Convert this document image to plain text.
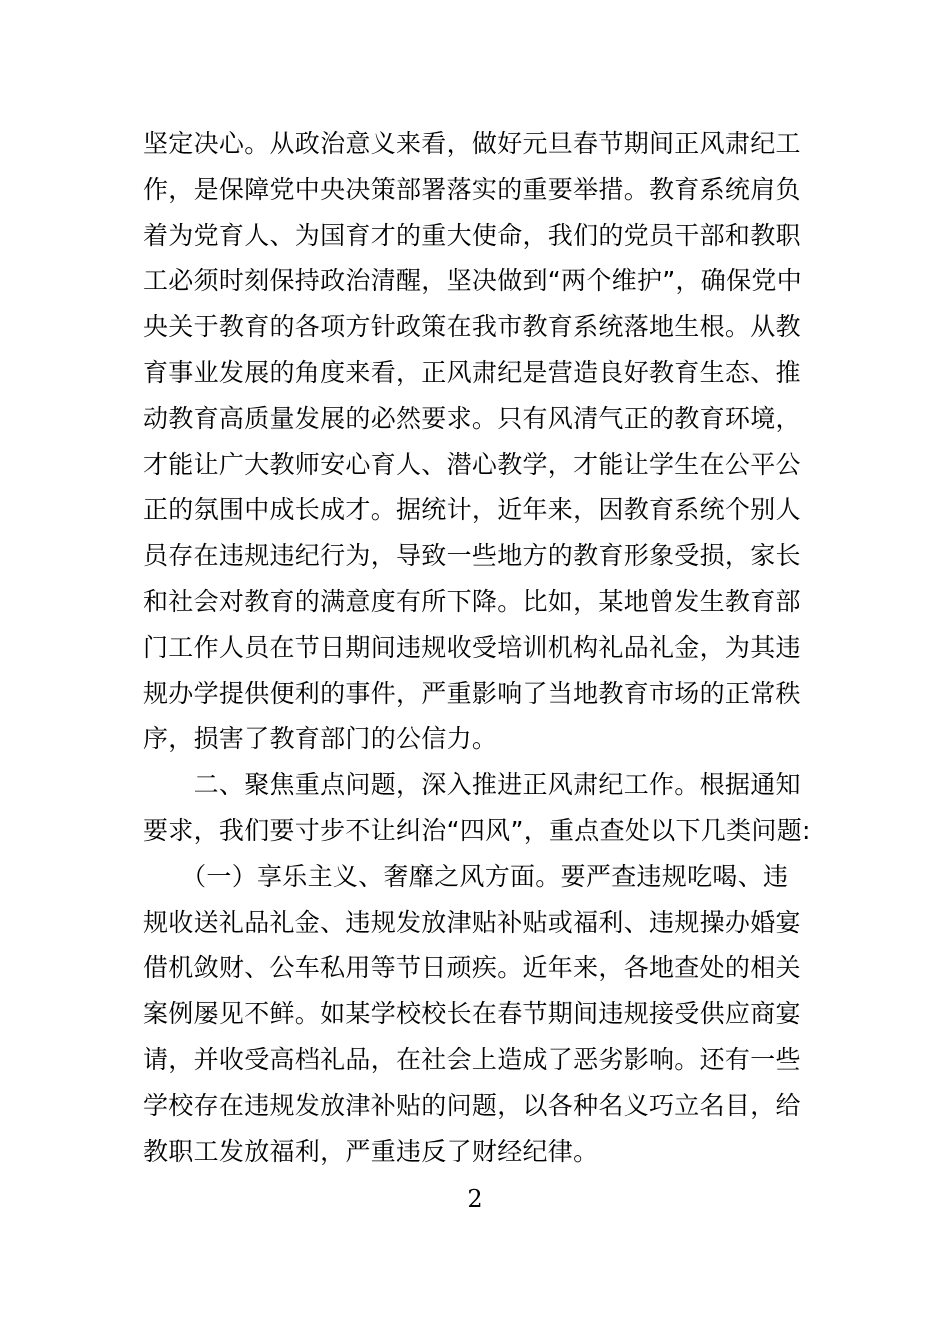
坚定决心。从政治意义来看，做好元旦春节期间正风肃纪工
作，是保障党中央决策部署落实的重要举措。教育系统肩负
着为党育人、为国育才的重大使命，我们的党员干部和教职
工必须时刻保持政治清醒，坚决做到“两个维护”，确保党中
央关于教育的各项方针政策在我市教育系统落地生根。从教
育事业发展的角度来看，正风肃纪是营造良好教育生态、推
动教育高质量发展的必然要求。只有风清气正的教育环境，
才能让广大教师安心育人、潜心教学，才能让学生在公平公
正的氛围中成长成才。据统计，近年来，因教育系统个别人
员存在违规违纪行为，导致一些地方的教育形象受损，家长
和社会对教育的满意度有所下降。比如，某地曾发生教育部
门工作人员在节日期间违规收受培训机构礼品礼金，为其违
规办学提供便利的事件，严重影响了当地教育市场的正常秩
序，损害了教育部门的公信力。
　　二、聚焦重点问题，深入推进正风肃纪工作。根据通知
要求，我们要寸步不让纠治“四风”，重点查处以下几类问题:
　　（一）享乐主义、奢靡之风方面。要严查违规吃喝、违
规收送礼品礼金、违规发放津贴补贴或福利、违规操办婚宴
借机敛财、公车私用等节日顽疾。近年来，各地查处的相关
案例屡见不鲜。如某学校校长在春节期间违规接受供应商宴
请，并收受高档礼品，在社会上造成了恶劣影响。还有一些
学校存在违规发放津补贴的问题，以各种名义巧立名目，给
教职工发放福利，严重违反了财经纪律。
2
